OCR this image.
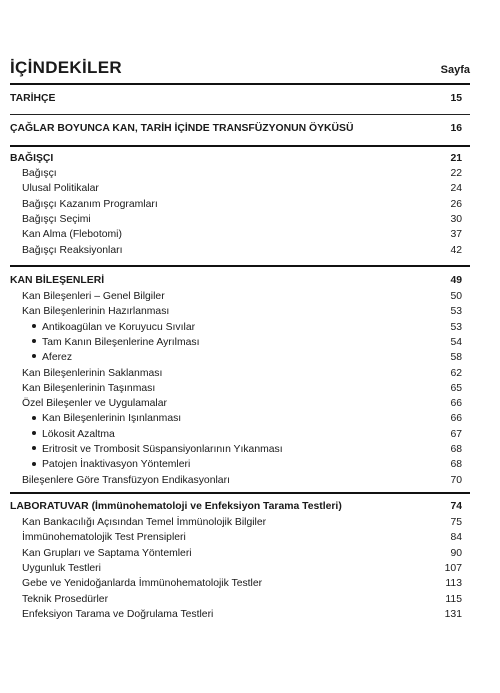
İÇİNDEKİLER	Sayfa
TARİHÇE	15
ÇAĞLAR BOYUNCA KAN, TARİH İÇİNDE TRANSFÜZYONUN ÖYKÜSÜ	16
BAĞIŞÇI	21
Bağışçı	22
Ulusal Politikalar	24
Bağışçı Kazanım Programları	26
Bağışçı Seçimi	30
Kan Alma (Flebotomi)	37
Bağışçı Reaksiyonları	42
KAN BİLEŞENLERİ	49
Kan Bileşenleri – Genel Bilgiler	50
Kan Bileşenlerinin Hazırlanması	53
Antikoagülan ve Koruyucu Sıvılar	53
Tam Kanın Bileşenlerine Ayrılması	54
Aferez	58
Kan Bileşenlerinin Saklanması	62
Kan Bileşenlerinin Taşınması	65
Özel Bileşenler ve Uygulamalar	66
Kan Bileşenlerinin Işınlanması	66
Lökosit Azaltma	67
Eritrosit ve Trombosit Süspansiyonlarının Yıkanması	68
Patojen İnaktivasyon Yöntemleri	68
Bileşenlere Göre Transfüzyon Endikasyonları	70
LABORATUVAR (İmmünohematoloji ve Enfeksiyon Tarama Testleri)	74
Kan Bankacılığı Açısından Temel İmmünolojik Bilgiler	75
İmmünohematolojik Test Prensipleri	84
Kan Grupları ve Saptama Yöntemleri	90
Uygunluk Testleri	107
Gebe ve Yenidoğanlarda İmmünohematolojik Testler	113
Teknik Prosedürler	115
Enfeksiyon Tarama ve Doğrulama Testleri	131
